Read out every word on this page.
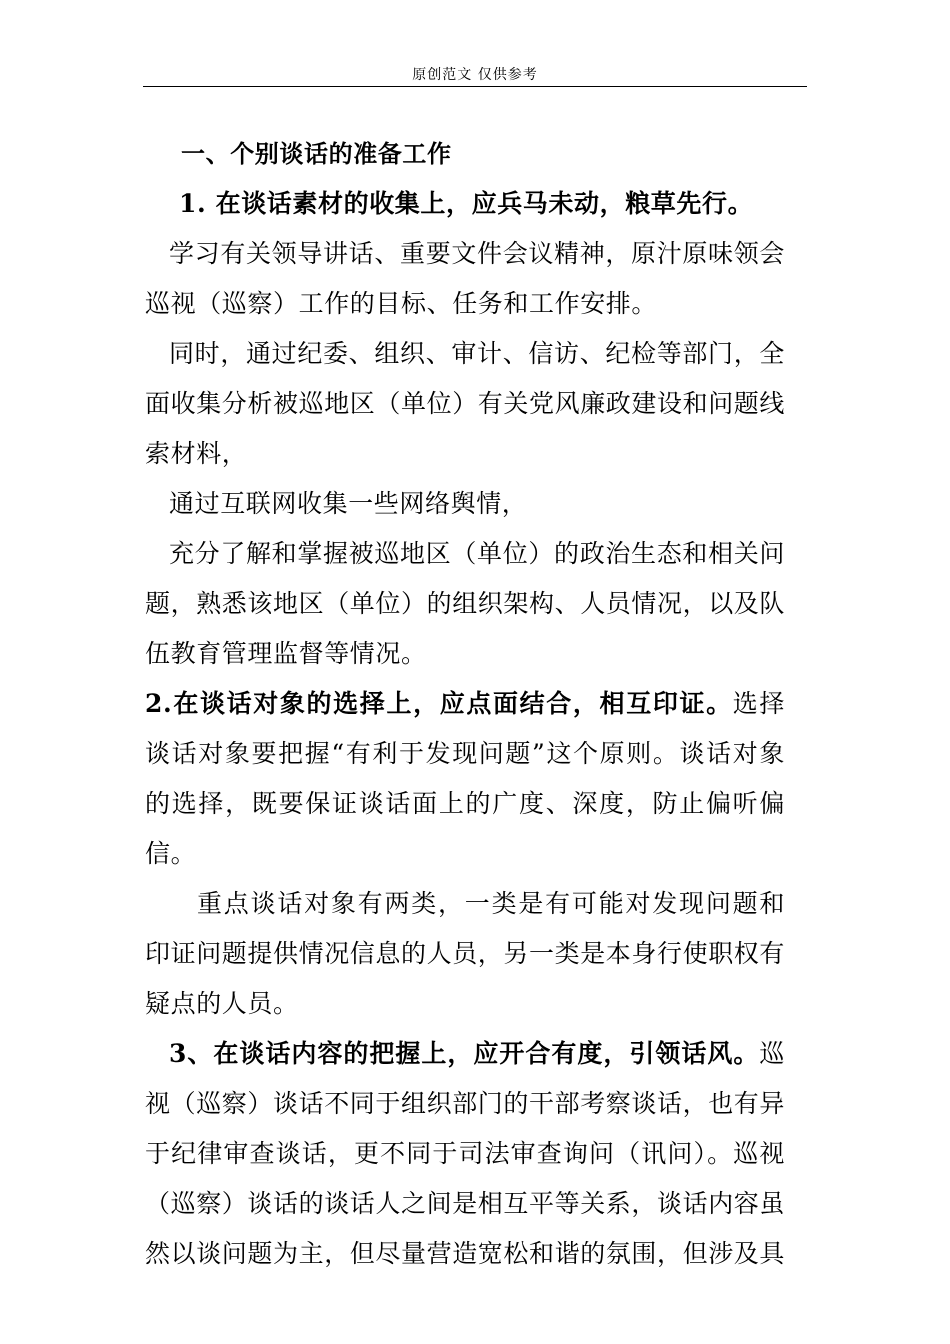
原创范文 仅供参考

一、个别谈话的准备工作

1. 在谈话素材的收集上，应兵马未动，粮草先行。

学习有关领导讲话、重要文件会议精神，原汁原味领会巡视（巡察）工作的目标、任务和工作安排。

同时，通过纪委、组织、审计、信访、纪检等部门，全面收集分析被巡地区（单位）有关党风廉政建设和问题线索材料，

通过互联网收集一些网络舆情，

充分了解和掌握被巡地区（单位）的政治生态和相关问题，熟悉该地区（单位）的组织架构、人员情况，以及队伍教育管理监督等情况。

2.在谈话对象的选择上，应点面结合，相互印证。选择谈话对象要把握“有利于发现问题”这个原则。谈话对象的选择，既要保证谈话面上的广度、深度，防止偏听偏信。

重点谈话对象有两类，一类是有可能对发现问题和印证问题提供情况信息的人员，另一类是本身行使职权有疑点的人员。

3、在谈话内容的把握上，应开合有度，引领话风。巡视（巡察）谈话不同于组织部门的干部考察谈话，也有异于纪律审查谈话，更不同于司法审查询问（讯问）。巡视（巡察）谈话的谈话人之间是相互平等关系，谈话内容虽然以谈问题为主，但尽量营造宽松和谐的氛围，但涉及具
